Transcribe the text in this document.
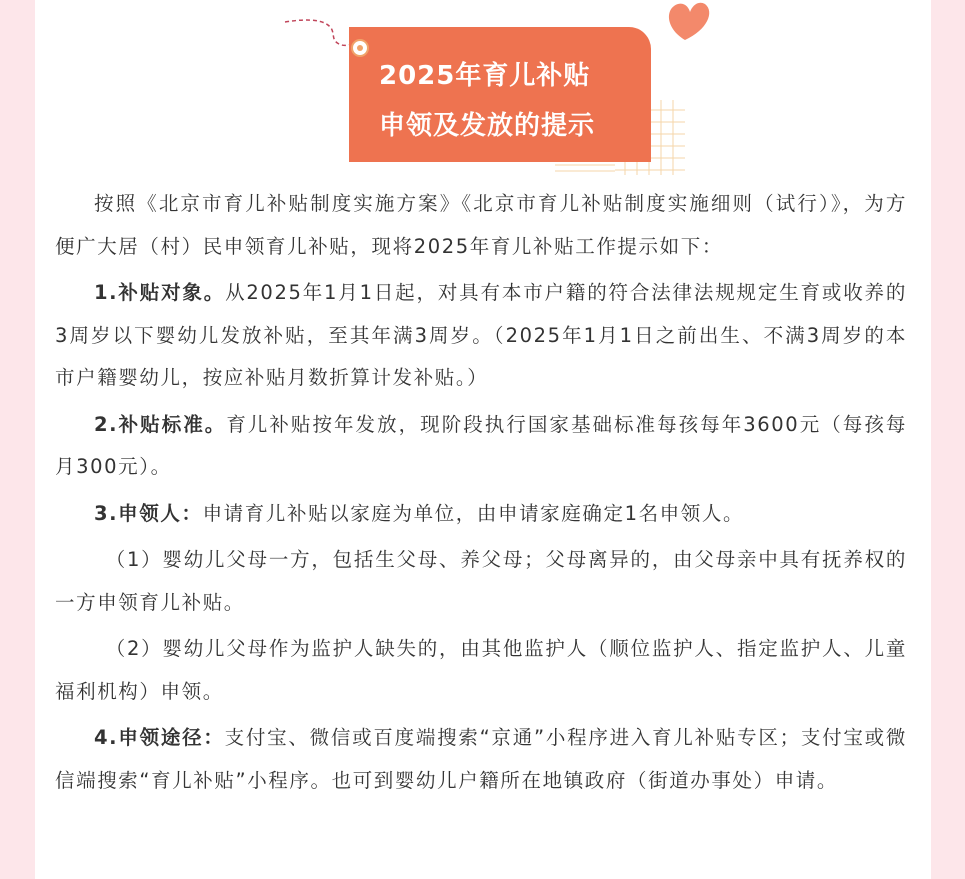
2025年育儿补贴
申领及发放的提示

按照《北京市育儿补贴制度实施方案》《北京市育儿补贴制度实施细则（试行）》，为方便广大居（村）民申领育儿补贴，现将2025年育儿补贴工作提示如下：

1.补贴对象。从2025年1月1日起，对具有本市户籍的符合法律法规规定生育或收养的3周岁以下婴幼儿发放补贴，至其年满3周岁。（2025年1月1日之前出生、不满3周岁的本市户籍婴幼儿，按应补贴月数折算计发补贴。）

2.补贴标准。育儿补贴按年发放，现阶段执行国家基础标准每孩每年3600元（每孩每月300元）。

3.申领人：申请育儿补贴以家庭为单位，由申请家庭确定1名申领人。

（1）婴幼儿父母一方，包括生父母、养父母；父母离异的，由父母亲中具有抚养权的一方申领育儿补贴。

（2）婴幼儿父母作为监护人缺失的，由其他监护人（顺位监护人、指定监护人、儿童福利机构）申领。

4.申领途径：支付宝、微信或百度端搜索“京通”小程序进入育儿补贴专区；支付宝或微信端搜索“育儿补贴”小程序。也可到婴幼儿户籍所在地镇政府（街道办事处）申请。
